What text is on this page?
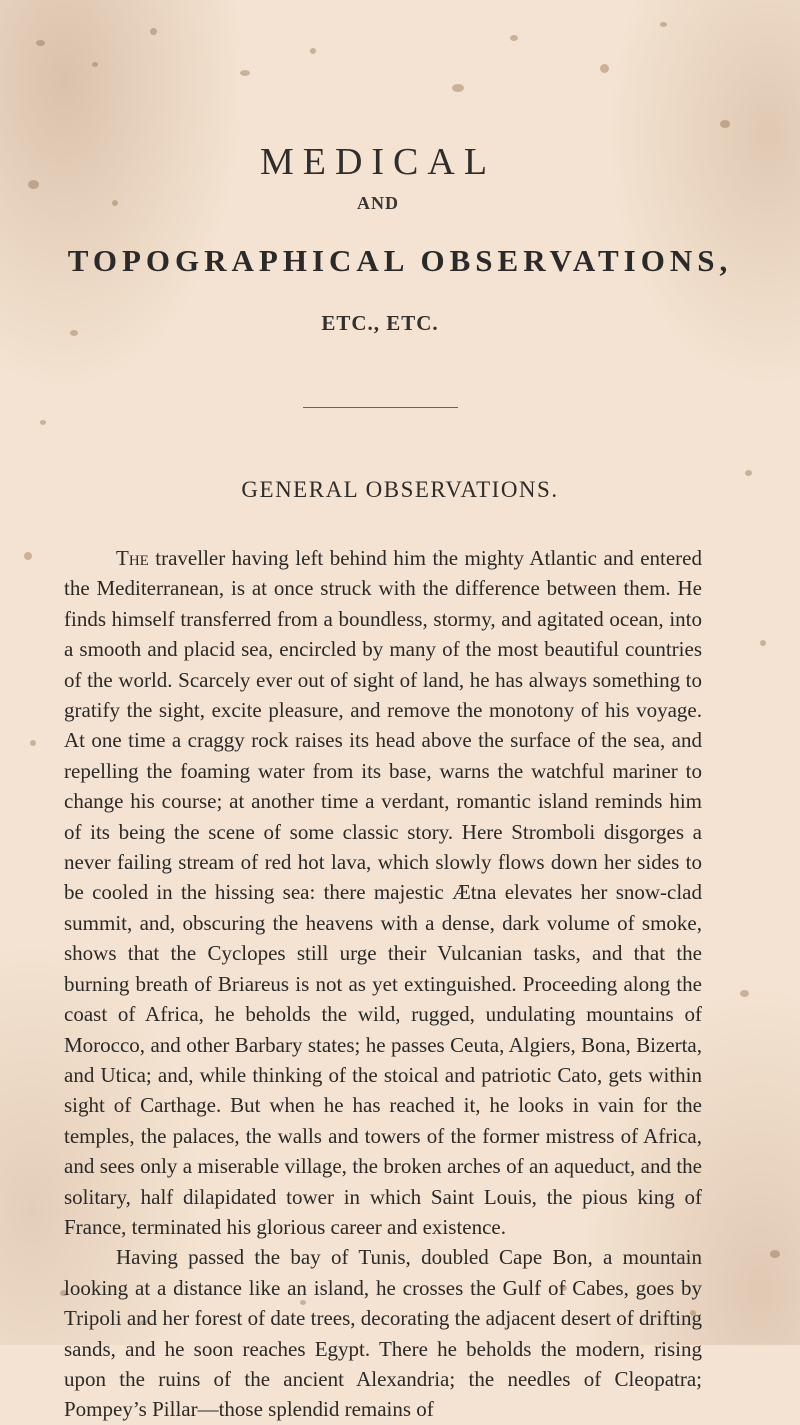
MEDICAL
AND
TOPOGRAPHICAL OBSERVATIONS,
ETC., ETC.
GENERAL OBSERVATIONS.

The traveller having left behind him the mighty Atlantic and entered the Mediterranean, is at once struck with the difference between them. He finds himself transferred from a boundless, stormy, and agitated ocean, into a smooth and placid sea, encircled by many of the most beautiful countries of the world. Scarcely ever out of sight of land, he has always something to gratify the sight, excite pleasure, and remove the monotony of his voyage. At one time a craggy rock raises its head above the surface of the sea, and repelling the foaming water from its base, warns the watchful mariner to change his course; at another time a verdant, romantic island reminds him of its being the scene of some classic story. Here Stromboli disgorges a never failing stream of red hot lava, which slowly flows down her sides to be cooled in the hissing sea: there majestic Ætna elevates her snow-clad summit, and, obscuring the heavens with a dense, dark volume of smoke, shows that the Cyclopes still urge their Vulcanian tasks, and that the burning breath of Briareus is not as yet extinguished. Proceeding along the coast of Africa, he beholds the wild, rugged, undulating mountains of Morocco, and other Barbary states; he passes Ceuta, Algiers, Bona, Bizerta, and Utica; and, while thinking of the stoical and patriotic Cato, gets within sight of Carthage. But when he has reached it, he looks in vain for the temples, the palaces, the walls and towers of the former mistress of Africa, and sees only a miserable village, the broken arches of an aqueduct, and the solitary, half dilapidated tower in which Saint Louis, the pious king of France, terminated his glorious career and existence.

Having passed the bay of Tunis, doubled Cape Bon, a mountain looking at a distance like an island, he crosses the Gulf of Cabes, goes by Tripoli and her forest of date trees, decorating the adjacent desert of drifting sands, and he soon reaches Egypt. There he beholds the modern, rising upon the ruins of the ancient Alexandria; the needles of Cleopatra; Pompey’s Pillar—those splendid remains of
